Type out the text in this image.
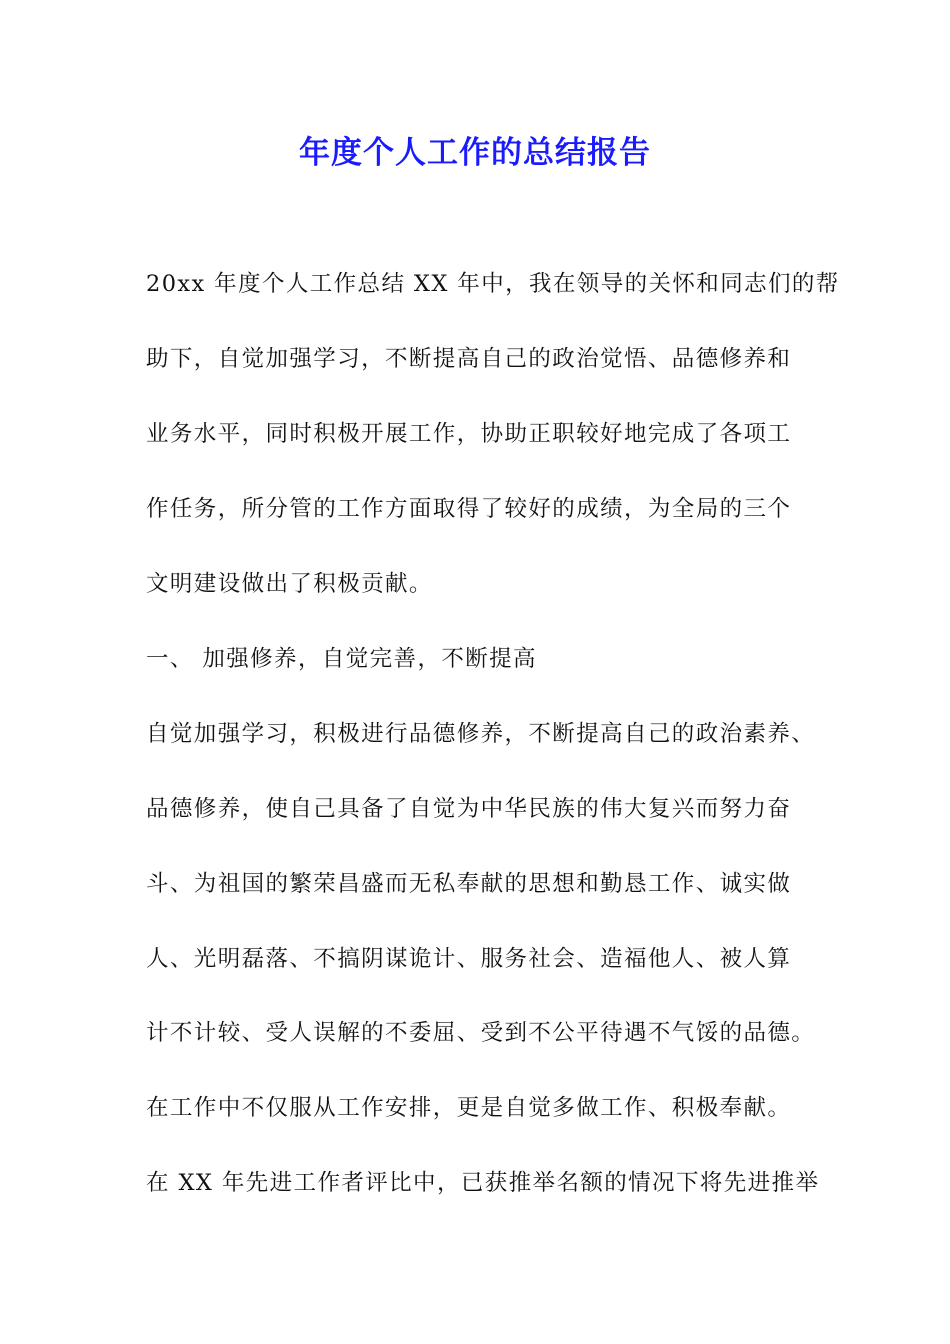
年度个人工作的总结报告
20xx 年度个人工作总结 XX 年中，我在领导的关怀和同志们的帮
助下，自觉加强学习，不断提高自己的政治觉悟、品德修养和
业务水平，同时积极开展工作，协助正职较好地完成了各项工
作任务，所分管的工作方面取得了较好的成绩，为全局的三个
文明建设做出了积极贡献。
一、 加强修养，自觉完善，不断提高
自觉加强学习，积极进行品德修养，不断提高自己的政治素养、
品德修养，使自己具备了自觉为中华民族的伟大复兴而努力奋
斗、为祖国的繁荣昌盛而无私奉献的思想和勤恳工作、诚实做
人、光明磊落、不搞阴谋诡计、服务社会、造福他人、被人算
计不计较、受人误解的不委屈、受到不公平待遇不气馁的品德。
在工作中不仅服从工作安排，更是自觉多做工作、积极奉献。
在 XX 年先进工作者评比中，已获推举名额的情况下将先进推举
